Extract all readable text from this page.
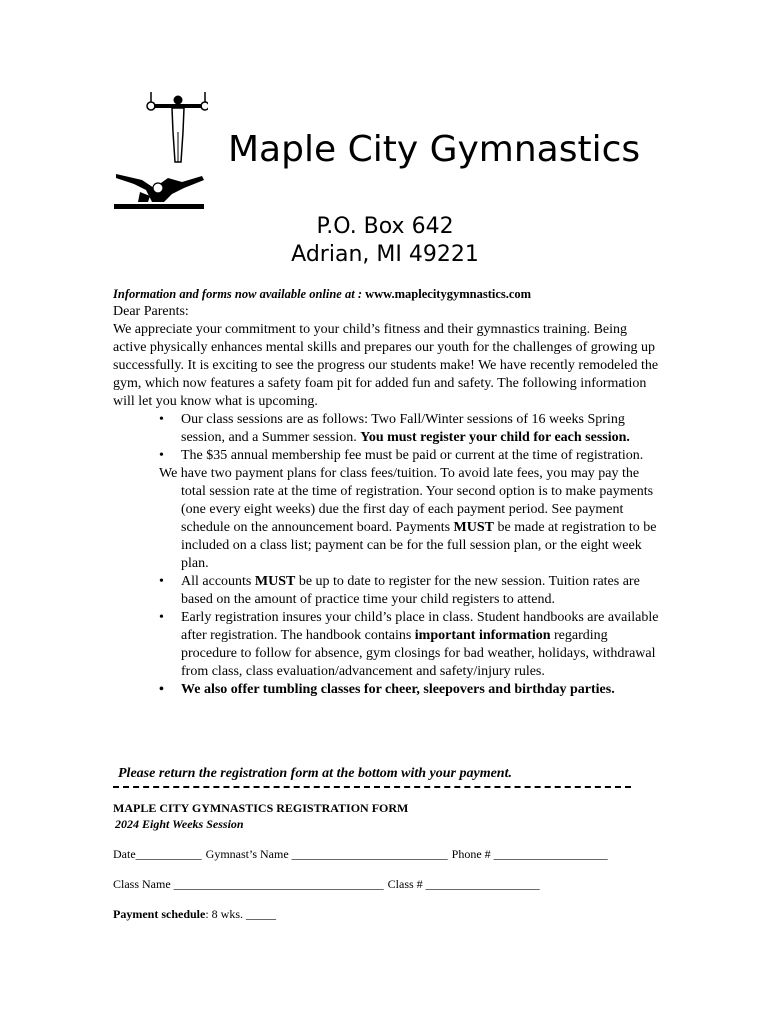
Maple City Gymnastics
P.O. Box 642
Adrian, MI 49221
Information and forms now available online at : www.maplecitygymnastics.com

Dear Parents:

We appreciate your commitment to your child’s fitness and their gymnastics training. Being active physically enhances mental skills and prepares our youth for the challenges of growing up successfully. It is exciting to see the progress our students make! We have recently remodeled the gym, which now features a safety foam pit for added fun and safety. The following information will let you know what is upcoming.

• Our class sessions are as follows: Two Fall/Winter sessions of 16 weeks Spring session, and a Summer session. You must register your child for each session.
• The $35 annual membership fee must be paid or current at the time of registration.

We have two payment plans for class fees/tuition. To avoid late fees, you may pay the total session rate at the time of registration. Your second option is to make payments (one every eight weeks) due the first day of each payment period. See payment schedule on the announcement board. Payments MUST be made at registration to be included on a class list; payment can be for the full session plan, or the eight week plan.

• All accounts MUST be up to date to register for the new session. Tuition rates are based on the amount of practice time your child registers to attend.
• Early registration insures your child’s place in class. Student handbooks are available after registration. The handbook contains important information regarding procedure to follow for absence, gym closings for bad weather, holidays, withdrawal from class, class evaluation/advancement and safety/injury rules.
• We also offer tumbling classes for cheer, sleepovers and birthday parties.
Please return the registration form at the bottom with your payment.
MAPLE CITY GYMNASTICS REGISTRATION FORM
2024 Eight Weeks Session
Date___________ Gymnast’s Name __________________________ Phone # ___________________
Class Name ___________________________________ Class # ___________________
Payment schedule: 8 wks. _____
